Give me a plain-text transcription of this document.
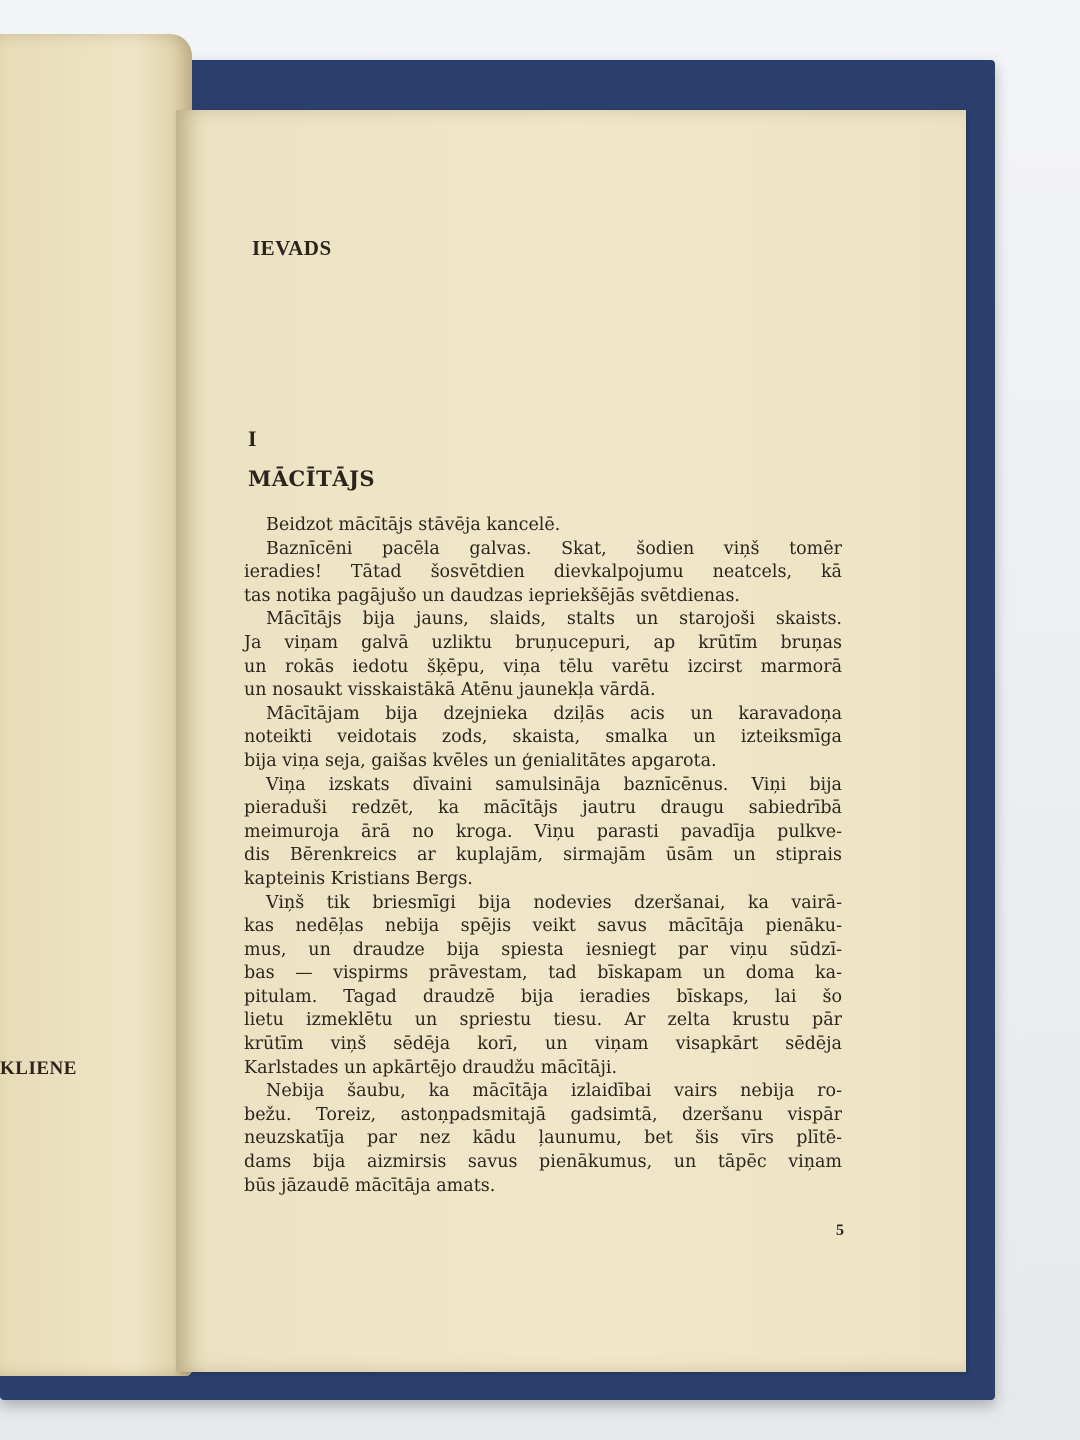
KLIENE
IEVADS
I
MĀCĪTĀJS
Beidzot mācītājs stāvēja kancelē.
Baznīcēni pacēla galvas. Skat, šodien viņš tomēr
ieradies! Tātad šosvētdien dievkalpojumu neatcels, kā
tas notika pagājušo un daudzas iepriekšējās svētdienas.
Mācītājs bija jauns, slaids, stalts un starojoši skaists.
Ja viņam galvā uzliktu bruņucepuri, ap krūtīm bruņas
un rokās iedotu šķēpu, viņa tēlu varētu izcirst marmorā
un nosaukt visskaistākā Atēnu jaunekļa vārdā.
Mācītājam bija dzejnieka dziļās acis un karavadoņa
noteikti veidotais zods, skaista, smalka un izteiksmīga
bija viņa seja, gaišas kvēles un ģenialitātes apgarota.
Viņa izskats dīvaini samulsināja baznīcēnus. Viņi bija
pieraduši redzēt, ka mācītājs jautru draugu sabiedrībā
meimuroja ārā no kroga. Viņu parasti pavadīja pulkve-
dis Bērenkreics ar kuplajām, sirmajām ūsām un stiprais
kapteinis Kristians Bergs.
Viņš tik briesmīgi bija nodevies dzeršanai, ka vairā-
kas nedēļas nebija spējis veikt savus mācītāja pienāku-
mus, un draudze bija spiesta iesniegt par viņu sūdzī-
bas — vispirms prāvestam, tad bīskapam un doma ka-
pitulam. Tagad draudzē bija ieradies bīskaps, lai šo
lietu izmeklētu un spriestu tiesu. Ar zelta krustu pār
krūtīm viņš sēdēja korī, un viņam visapkārt sēdēja
Karlstades un apkārtējo draudžu mācītāji.
Nebija šaubu, ka mācītāja izlaidībai vairs nebija ro-
bežu. Toreiz, astoņpadsmitajā gadsimtā, dzeršanu vispār
neuzskatīja par nez kādu ļaunumu, bet šis vīrs plītē-
dams bija aizmirsis savus pienākumus, un tāpēc viņam
būs jāzaudē mācītāja amats.
5
